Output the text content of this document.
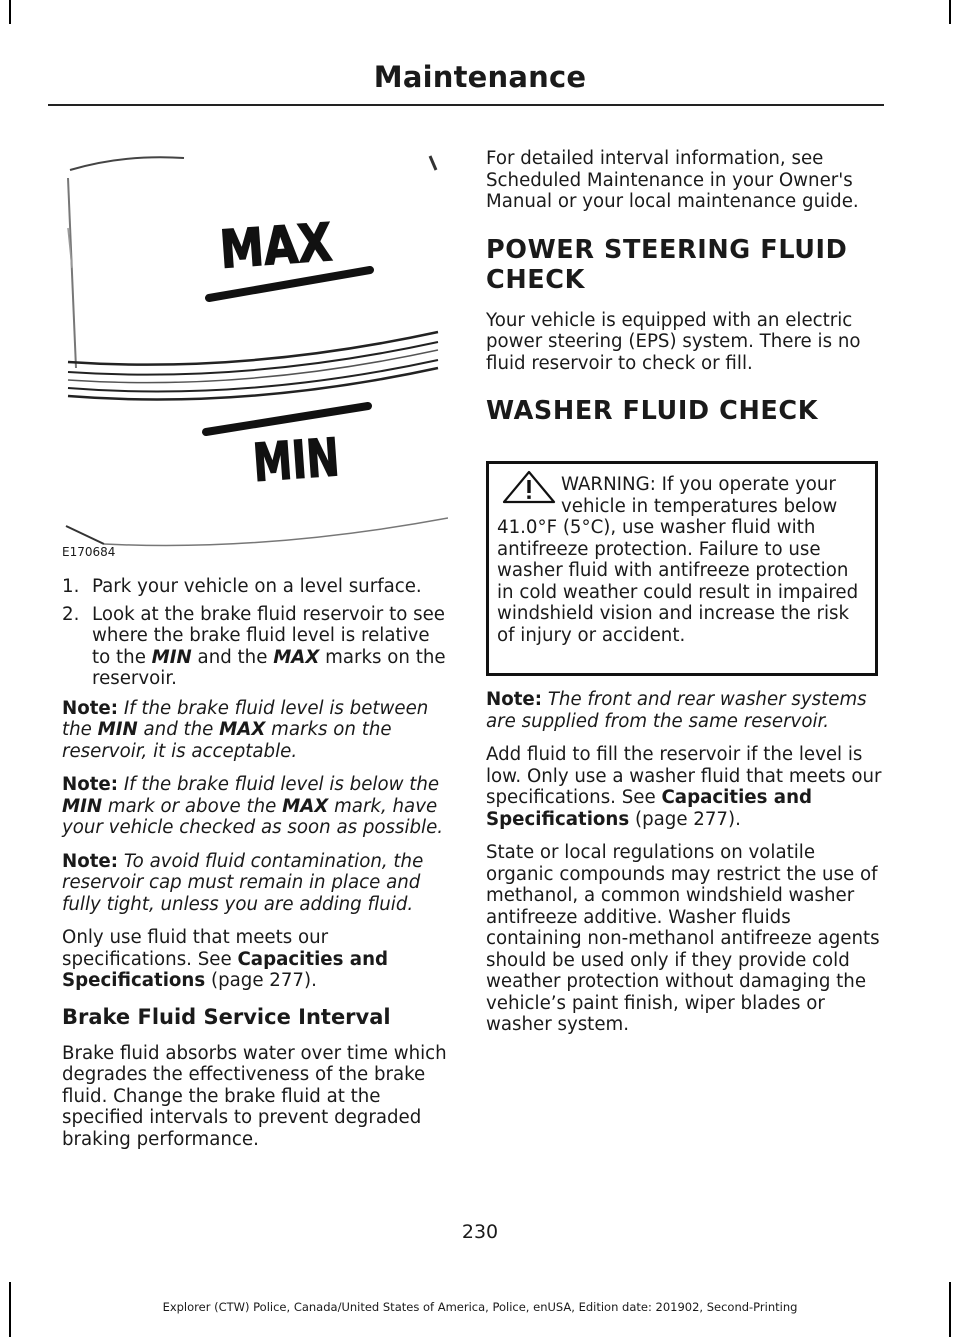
Maintenance
MAX
MIN
E170684
1. Park your vehicle on a level surface.
2. Look at the brake fluid reservoir to see where the brake fluid level is relative to the MIN and the MAX marks on the reservoir.

Note: If the brake fluid level is between the MIN and the MAX marks on the reservoir, it is acceptable.

Note: If the brake fluid level is below the MIN mark or above the MAX mark, have your vehicle checked as soon as possible.

Note: To avoid fluid contamination, the reservoir cap must remain in place and fully tight, unless you are adding fluid.

Only use fluid that meets our specifications. See Capacities and Specifications (page 277).

Brake Fluid Service Interval

Brake fluid absorbs water over time which degrades the effectiveness of the brake fluid. Change the brake fluid at the specified intervals to prevent degraded braking performance.

For detailed interval information, see Scheduled Maintenance in your Owner's Manual or your local maintenance guide.

POWER STEERING FLUID
CHECK

Your vehicle is equipped with an electric power steering (EPS) system. There is no fluid reservoir to check or fill.

WASHER FLUID CHECK
WARNING: If you operate your vehicle in temperatures below 41.0°F (5°C), use washer fluid with antifreeze protection. Failure to use washer fluid with antifreeze protection in cold weather could result in impaired windshield vision and increase the risk of injury or accident.

Note: The front and rear washer systems are supplied from the same reservoir.

Add fluid to fill the reservoir if the level is low. Only use a washer fluid that meets our specifications. See Capacities and Specifications (page 277).

State or local regulations on volatile organic compounds may restrict the use of methanol, a common windshield washer antifreeze additive. Washer fluids containing non-methanol antifreeze agents should be used only if they provide cold weather protection without damaging the vehicle’s paint finish, wiper blades or washer system.

230
Explorer (CTW) Police, Canada/United States of America, Police, enUSA, Edition date: 201902, Second-Printing
